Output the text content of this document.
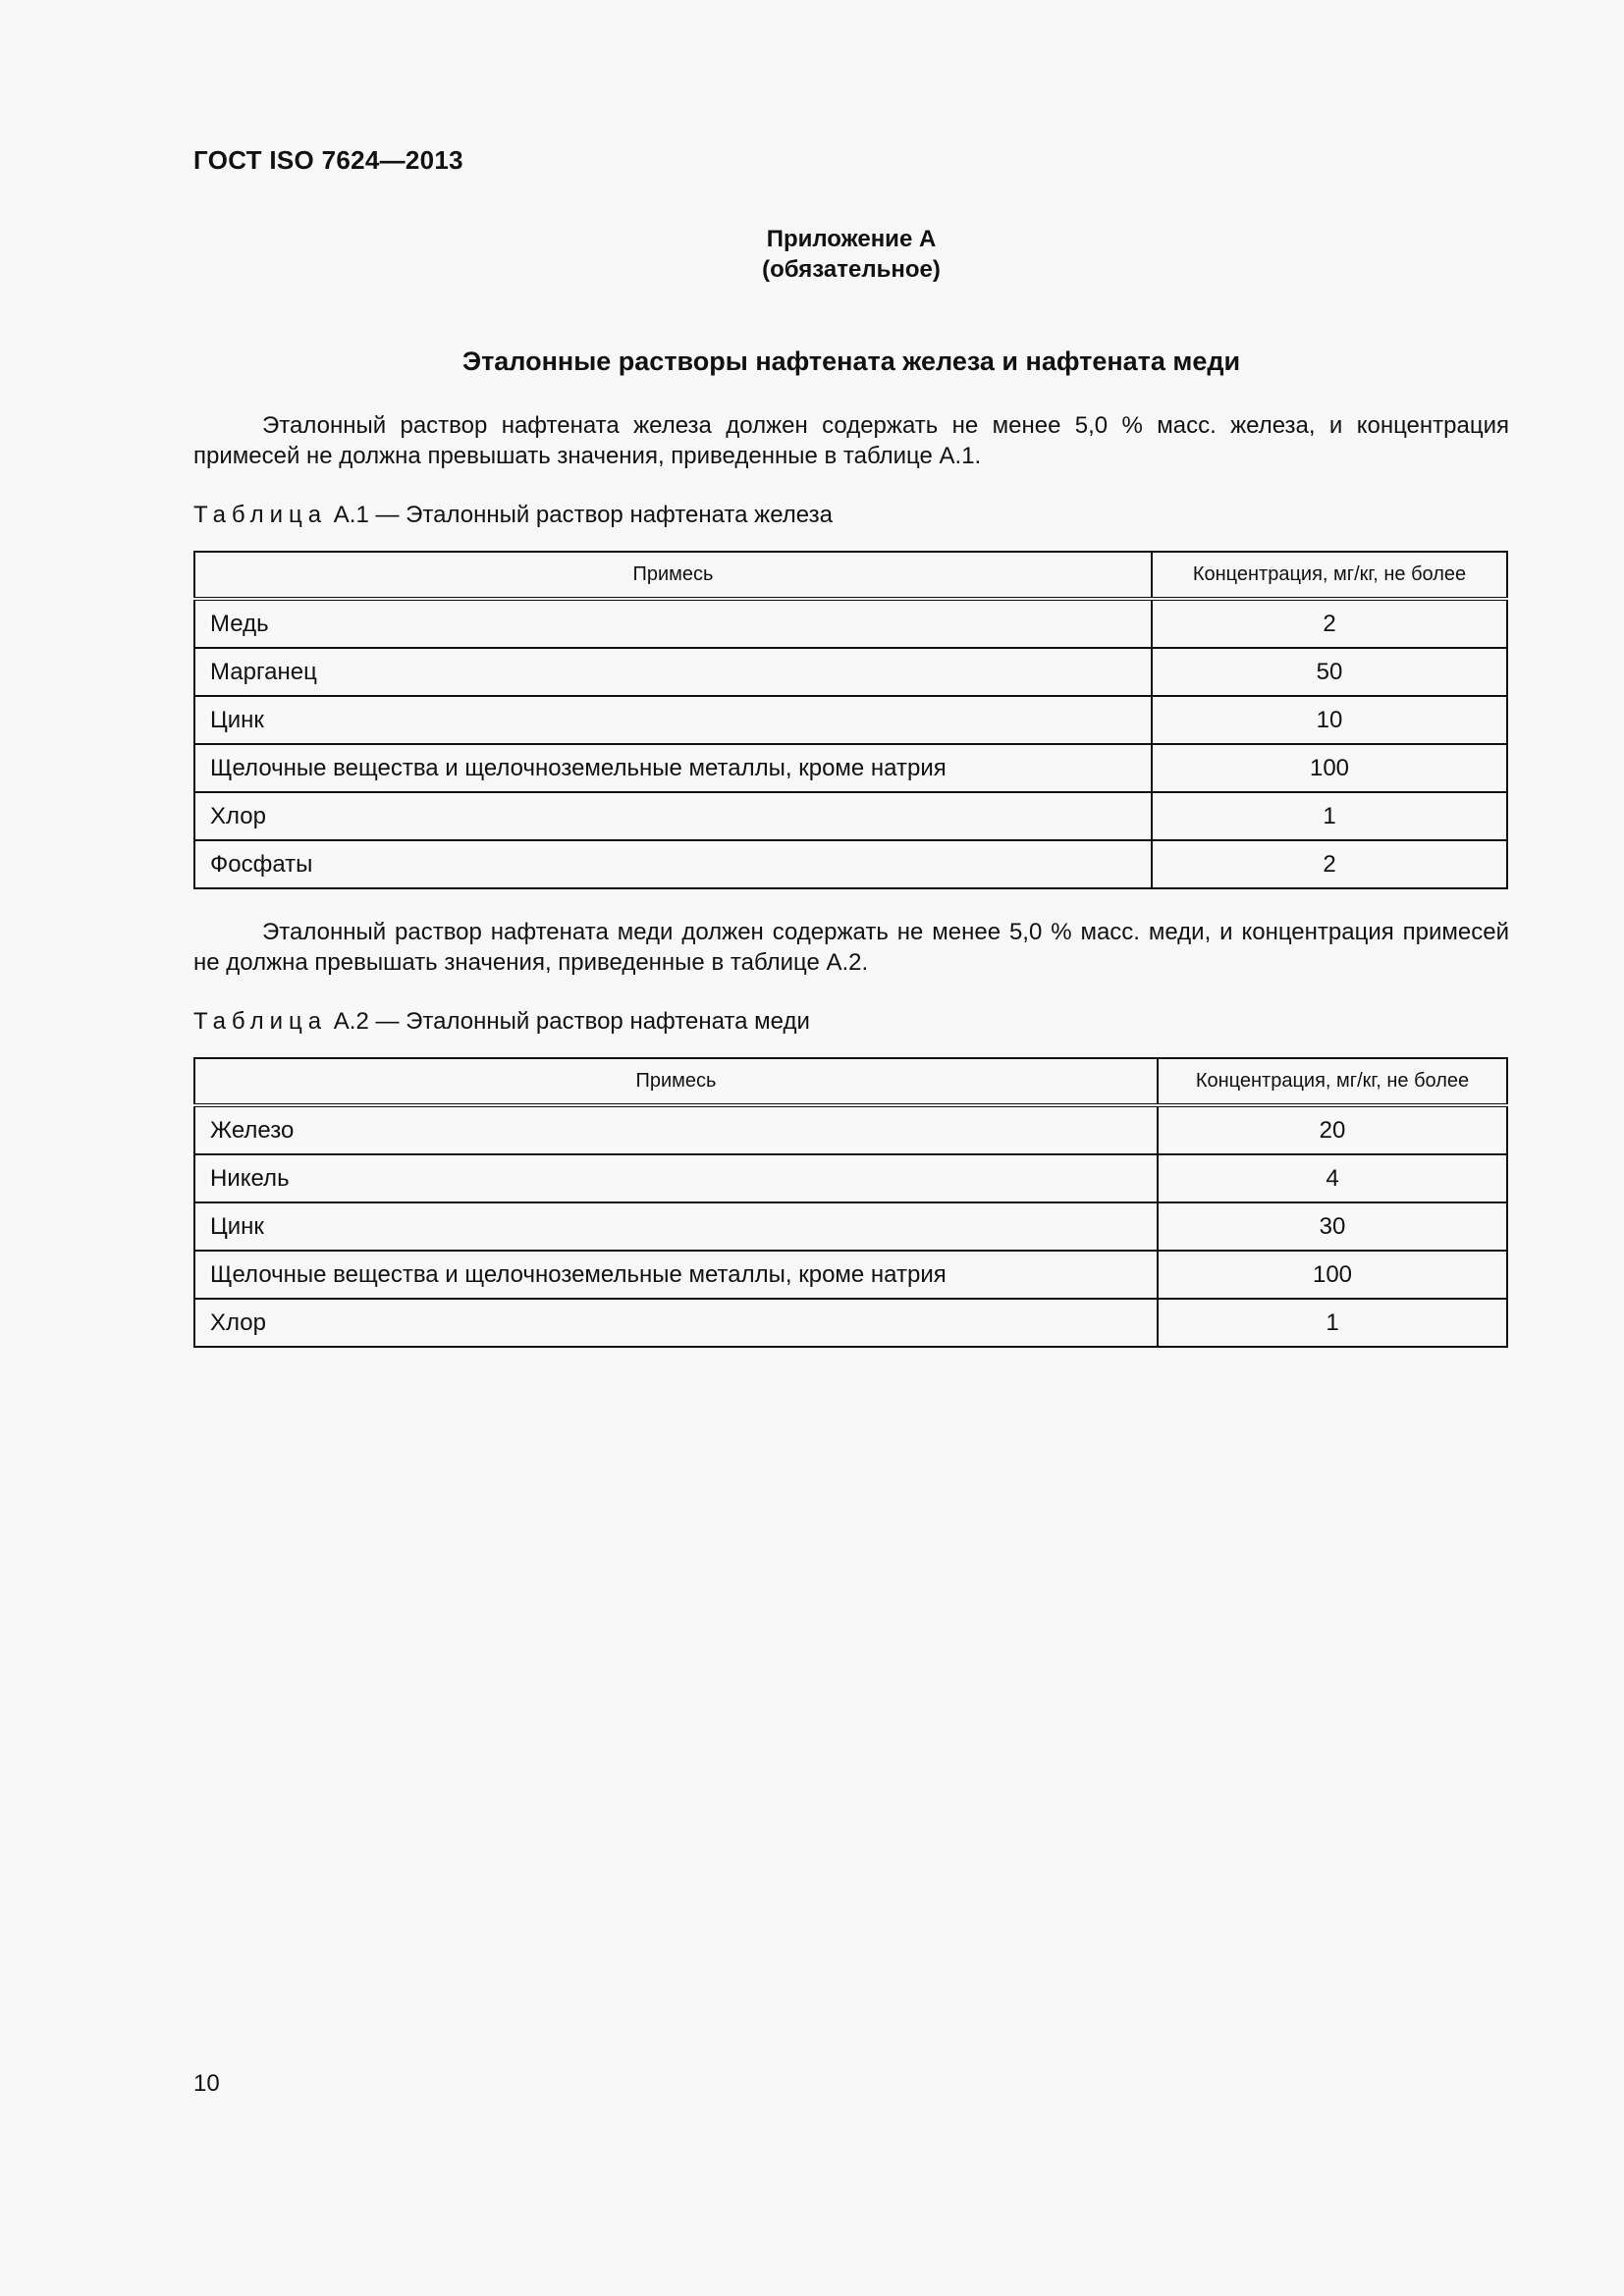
ГОСТ ISO 7624—2013
Приложение А
(обязательное)
Эталонные растворы нафтената железа и нафтената меди
Эталонный раствор нафтената железа должен содержать не менее 5,0 % масс. железа, и концентрация примесей не должна превышать значения, приведенные в таблице А.1.
Таблица А.1 — Эталонный раствор нафтената железа
Примесь	Концентрация, мг/кг, не более
Медь	2
Марганец	50
Цинк	10
Щелочные вещества и щелочноземельные металлы, кроме натрия	100
Хлор	1
Фосфаты	2
Эталонный раствор нафтената меди должен содержать не менее 5,0 % масс. меди, и концентрация примесей не должна превышать значения, приведенные в таблице А.2.
Таблица А.2 — Эталонный раствор нафтената меди
Примесь	Концентрация, мг/кг, не более
Железо	20
Никель	4
Цинк	30
Щелочные вещества и щелочноземельные металлы, кроме натрия	100
Хлор	1
10
